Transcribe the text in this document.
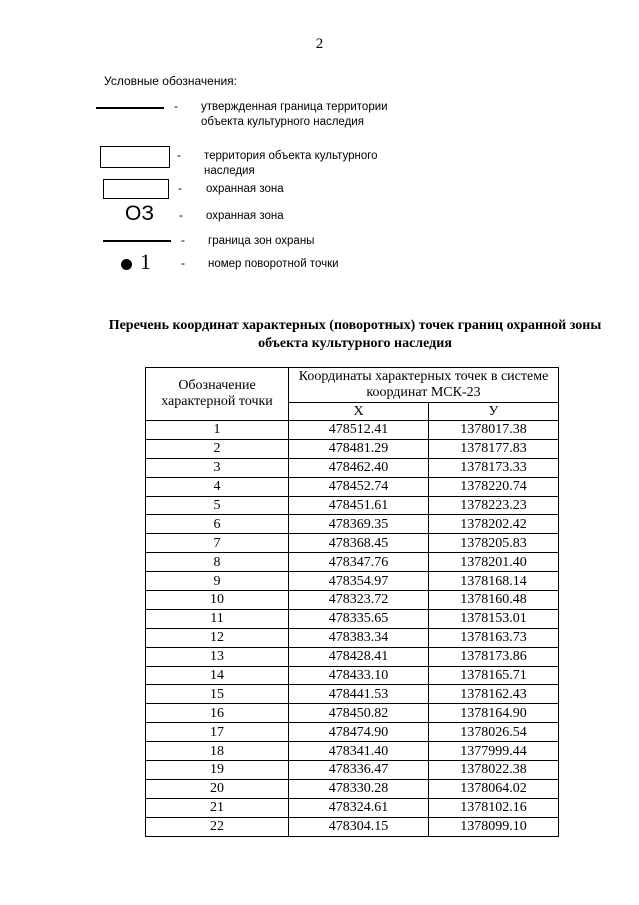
2
Условные обозначения:
- утвержденная граница территории объекта культурного наследия
- территория объекта культурного наследия
- охранная зона
ОЗ - охранная зона
- граница зон охраны
1	- номер поворотной точки
Перечень координат характерных (поворотных) точек границ охранной зоны объекта культурного наследия
Обозначение характерной точки	Координаты характерных точек в системе координат МСК-23	
	X	У
1	478512.41	1378017.38
2	478481.29	1378177.83
3	478462.40	1378173.33
4	478452.74	1378220.74
5	478451.61	1378223.23
6	478369.35	1378202.42
7	478368.45	1378205.83
8	478347.76	1378201.40
9	478354.97	1378168.14
10	478323.72	1378160.48
11	478335.65	1378153.01
12	478383.34	1378163.73
13	478428.41	1378173.86
14	478433.10	1378165.71
15	478441.53	1378162.43
16	478450.82	1378164.90
17	478474.90	1378026.54
18	478341.40	1377999.44
19	478336.47	1378022.38
20	478330.28	1378064.02
21	478324.61	1378102.16
22	478304.15	1378099.10
